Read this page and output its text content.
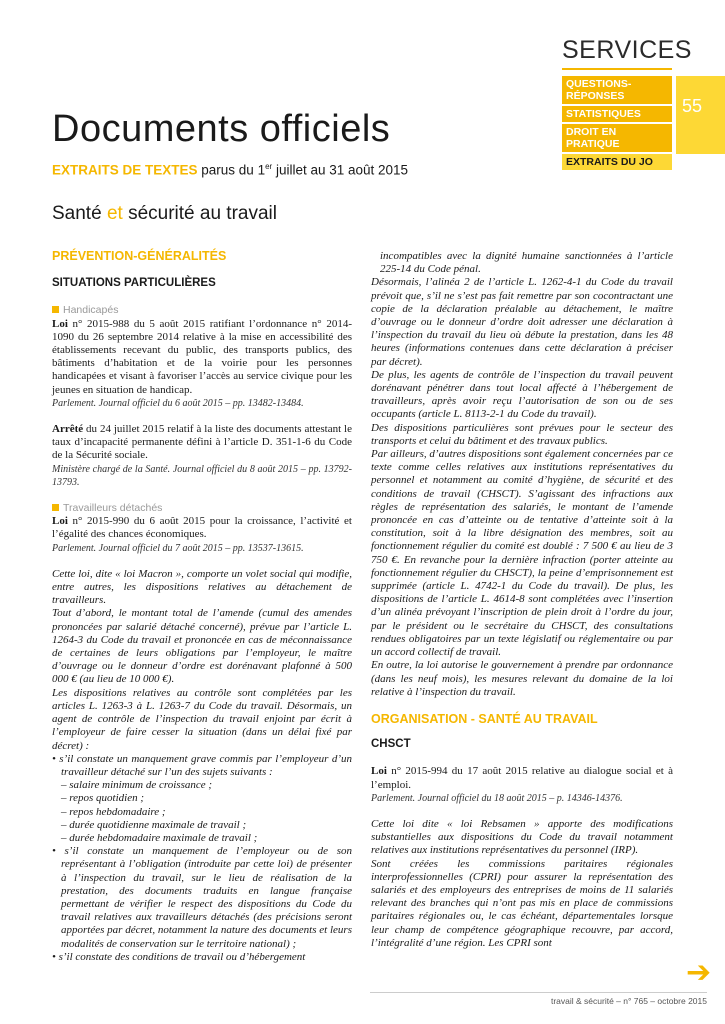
SERVICES
QUESTIONS-RÉPONSES
STATISTIQUES
DROIT EN PRATIQUE
EXTRAITS DU JO
55
Documents officiels
EXTRAITS DE TEXTES parus du 1er juillet au 31 août 2015
Santé et sécurité au travail
PRÉVENTION-GÉNÉRALITÉS
SITUATIONS PARTICULIÈRES
Handicapés

Loi n° 2015-988 du 5 août 2015 ratifiant l’ordonnance n° 2014-1090 du 26 septembre 2014 relative à la mise en accessibilité des établissements recevant du public, des transports publics, des bâtiments d’habitation et de la voirie pour les personnes handicapées et visant à favoriser l’accès au service civique pour les jeunes en situation de handicap.

Parlement. Journal officiel du 6 août 2015 – pp. 13482-13484.

Arrêté du 24 juillet 2015 relatif à la liste des documents attestant le taux d’incapacité permanente défini à l’article D. 351-1-6 du Code de la Sécurité sociale.

Ministère chargé de la Santé. Journal officiel du 8 août 2015 – pp. 13792-13793.

Travailleurs détachés

Loi n° 2015-990 du 6 août 2015 pour la croissance, l’activité et l’égalité des chances économiques.

Parlement. Journal officiel du 7 août 2015 – pp. 13537-13615.

Cette loi, dite « loi Macron », comporte un volet social qui modifie, entre autres, les dispositions relatives au détachement de travailleurs.

Tout d’abord, le montant total de l’amende (cumul des amendes prononcées par salarié détaché concerné), prévue par l’article L. 1264-3 du Code du travail et prononcée en cas de méconnaissance de certaines de leurs obligations par l’employeur, le maître d’ouvrage ou le donneur d’ordre est dorénavant plafonné à 500 000 € (au lieu de 10 000 €).

Les dispositions relatives au contrôle sont complétées par les articles L. 1263-3 à L. 1263-7 du Code du travail. Désormais, un agent de contrôle de l’inspection du travail enjoint par écrit à l’employeur de faire cesser la situation (dans un délai fixé par décret) :

• s’il constate un manquement grave commis par l’employeur d’un travailleur détaché sur l’un des sujets suivants :

– salaire minimum de croissance ;

– repos quotidien ;

– repos hebdomadaire ;

– durée quotidienne maximale de travail ;

– durée hebdomadaire maximale de travail ;

• s’il constate un manquement de l’employeur ou de son représentant à l’obligation (introduite par cette loi) de présenter à l’inspection du travail, sur le lieu de réalisation de la prestation, des documents traduits en langue française permettant de vérifier le respect des dispositions du Code du travail relatives aux travailleurs détachés (des précisions seront apportées par décret, notamment la nature des documents et leurs modalités de conservation sur le territoire national) ;

• s’il constate des conditions de travail ou d’hébergement

incompatibles avec la dignité humaine sanctionnées à l’article 225-14 du Code pénal.

Désormais, l’alinéa 2 de l’article L. 1262-4-1 du Code du travail prévoit que, s’il ne s’est pas fait remettre par son cocontractant une copie de la déclaration préalable au détachement, le maître d’ouvrage ou le donneur d’ordre doit adresser une déclaration à l’inspection du travail du lieu où débute la prestation, dans les 48 heures (informations contenues dans cette déclaration à préciser par décret).

De plus, les agents de contrôle de l’inspection du travail peuvent dorénavant pénétrer dans tout local affecté à l’hébergement de travailleurs, après avoir reçu l’autorisation de son ou de ses occupants (article L. 8113-2-1 du Code du travail).

Des dispositions particulières sont prévues pour le secteur des transports et celui du bâtiment et des travaux publics.

Par ailleurs, d’autres dispositions sont également concernées par ce texte comme celles relatives aux institutions représentatives du personnel et notamment au comité d’hygiène, de sécurité et des conditions de travail (CHSCT). S’agissant des infractions aux règles de représentation des salariés, le montant de l’amende prononcée en cas d’atteinte ou de tentative d’atteinte soit à la constitution, soit à la libre désignation des membres, soit au fonctionnement régulier du comité est doublé : 7 500 € au lieu de 3 750 €. En revanche pour la dernière infraction (porter atteinte au fonctionnement régulier du CHSCT), la peine d’emprisonnement est supprimée (article L. 4742-1 du Code du travail). De plus, les dispositions de l’article L. 4614-8 sont complétées avec l’insertion d’un alinéa prévoyant l’inscription de plein droit à l’ordre du jour, par le président ou le secrétaire du CHSCT, des consultations rendues obligatoires par un texte législatif ou réglementaire ou par un accord collectif de travail.

En outre, la loi autorise le gouvernement à prendre par ordonnance (dans les neuf mois), les mesures relevant du domaine de la loi relative à l’inspection du travail.

ORGANISATION - SANTÉ AU TRAVAIL
CHSCT

Loi n° 2015-994 du 17 août 2015 relative au dialogue social et à l’emploi.

Parlement. Journal officiel du 18 août 2015 – p. 14346-14376.

Cette loi dite « loi Rebsamen » apporte des modifications substantielles aux dispositions du Code du travail notamment relatives aux institutions représentatives du personnel (IRP).

Sont créées les commissions paritaires régionales interprofessionnelles (CPRI) pour assurer la représentation des salariés et des employeurs des entreprises de moins de 11 salariés relevant des branches qui n’ont pas mis en place de commissions paritaires régionales ou, le cas échéant, départementales lorsque leur champ de compétence géographique recouvre, par accord, l’intégralité d’une région. Les CPRI sont

➔
travail & sécurité – n° 765 – octobre 2015
